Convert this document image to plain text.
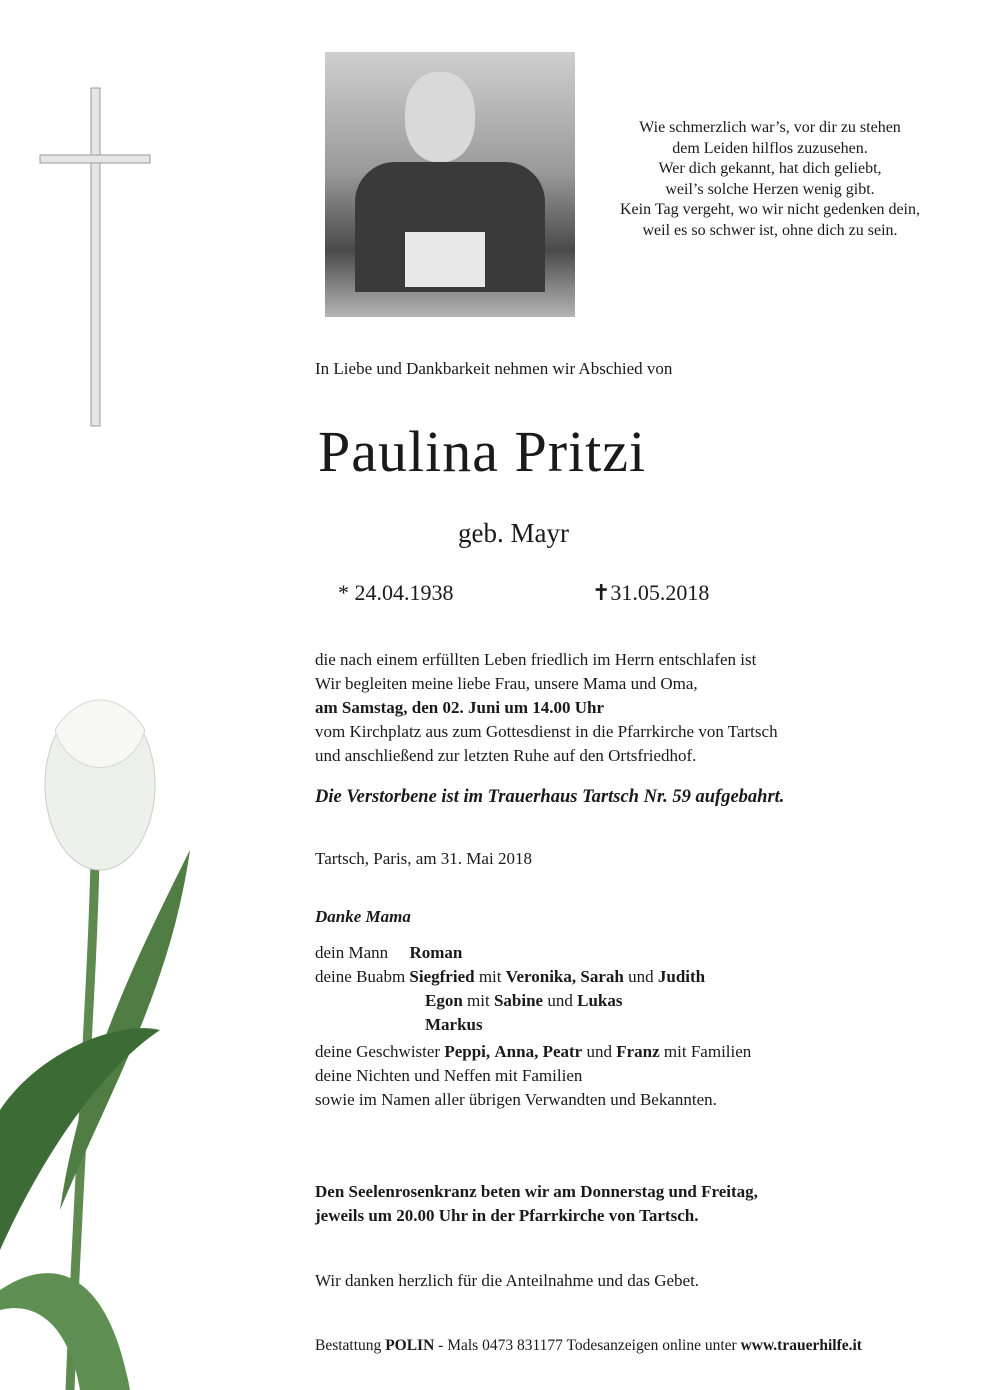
Wie schmerzlich war’s, vor dir zu stehen
dem Leiden hilflos zuzusehen.
Wer dich gekannt, hat dich geliebt,
weil’s solche Herzen wenig gibt.
Kein Tag vergeht, wo wir nicht gedenken dein,
weil es so schwer ist, ohne dich zu sein.
In Liebe und Dankbarkeit nehmen wir Abschied von
Paulina Pritzi
geb. Mayr
* 24.04.1938	✝31.05.2018
die nach einem erfüllten Leben friedlich im Herrn entschlafen ist
Wir begleiten meine liebe Frau, unsere Mama und Oma,
am Samstag, den 02. Juni um 14.00 Uhr
vom Kirchplatz aus zum Gottesdienst in die Pfarrkirche von Tartsch
und anschließend zur letzten Ruhe auf den Ortsfriedhof.
Die Verstorbene ist im Trauerhaus Tartsch Nr. 59 aufgebahrt.
Tartsch, Paris, am 31. Mai 2018
Danke Mama
dein Mann Roman
deine Buabm Siegfried mit Veronika, Sarah und Judith
Egon mit Sabine und Lukas
Markus
deine Geschwister Peppi, Anna, Peatr und Franz mit Familien
deine Nichten und Neffen mit Familien
sowie im Namen aller übrigen Verwandten und Bekannten.
Den Seelenrosenkranz beten wir am Donnerstag und Freitag,
jeweils um 20.00 Uhr in der Pfarrkirche von Tartsch.
Wir danken herzlich für die Anteilnahme und das Gebet.
Bestattung POLIN - Mals 0473 831177 Todesanzeigen online unter www.trauerhilfe.it
